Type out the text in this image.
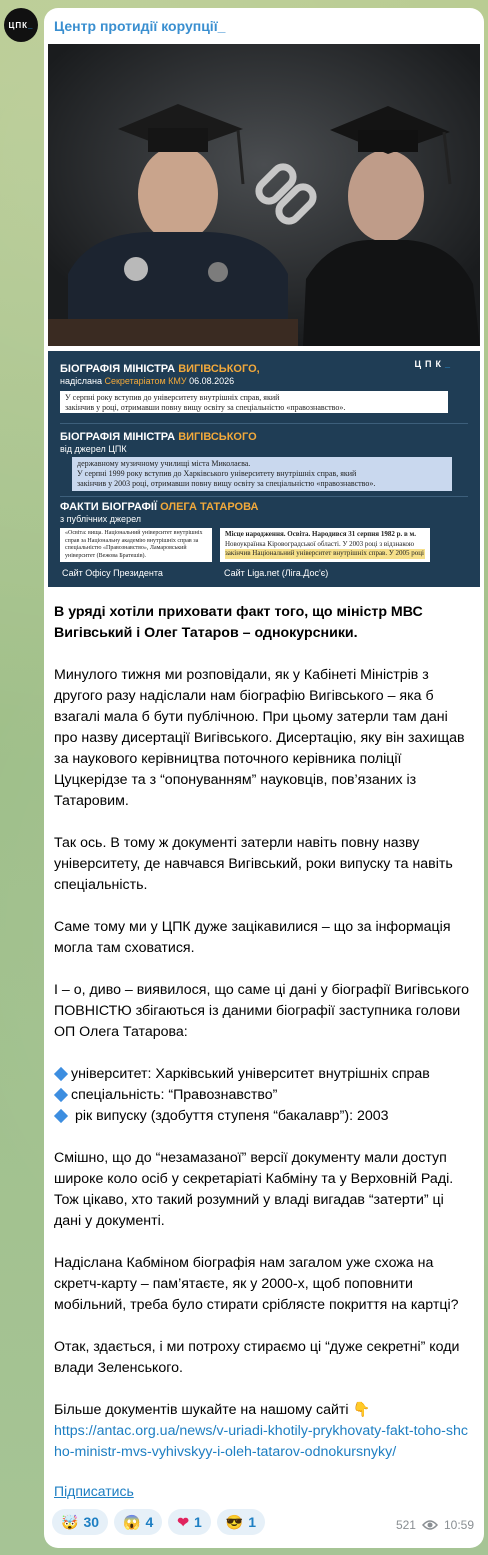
ЦПК _ Центр протидії корупції_
ЦПК_
БІОГРАФІЯ МІНІСТРА ВИГІВСЬКОГО,
надіслана Секретаріатом КМУ 06.08.2026
У серпні року вступив до університету внутрішніх справ, який
закінчив у році, отримавши повну вищу освіту за спеціальністю «правознавство».
БІОГРАФІЯ МІНІСТРА ВИГІВСЬКОГО
від джерел ЦПК
державному музичному училищі міста Миколаєва.
У серпні 1999 року вступив до Харківського університету внутрішніх справ, який
закінчив у 2003 році, отримавши повну вищу освіту за спеціальністю «правознавство».
ФАКТИ БІОГРАФІЇ ОЛЕГА ТАТАРОВА
з публічних джерел
«Освіта: вища. Національний університет внутрішніх справ за Національну академію внутрішніх справ за спеціальністю «Правознавство», Ламаровський університет (Вежова Братешів).
Місце народження. Освіта. Народився 31 серпня 1982 р. в м.
Новоукраїнка Кіровоградської області. У 2003 році з відзнакою
закінчив Національний університет внутрішніх справ. У 2005 році
Сайт Офісу Президента	Сайт Liga.net (Ліга.Дос'є)

В уряді хотіли приховати факт того, що міністр МВС Вигівський і Олег Татаров – однокурсники.

Минулого тижня ми розповідали, як у Кабінеті Міністрів з другого разу надіслали нам біографію Вигівського – яка б взагалі мала б бути публічною. При цьому затерли там дані про назву дисертації Вигівського. Дисертацію, яку він захищав за наукового керівництва поточного керівника поліції Цуцкерідзе та з “опонуванням” науковців, пов’язаних із Татаровим.

Так ось. В тому ж документі затерли навіть повну назву університету, де навчався Вигівський, роки випуску та навіть спеціальність.

Саме тому ми у ЦПК дуже зацікавилися – що за інформація могла там сховатися.

І – о, диво – виявилося, що саме ці дані у біографії Вигівського ПОВНІСТЮ збігаються із даними біографії заступника голови ОП Олега Татарова:

університет: Харківський університет внутрішніх справ
спеціальність: “Правознавство”
рік випуску (здобуття ступеня “бакалавр”): 2003

Смішно, що до “незамазаної” версії документу мали доступ широке коло осіб у секретаріаті Кабміну та у Верховній Раді. Тож цікаво, хто такий розумний у владі вигадав “затерти” ці дані у документі.

Надіслана Кабміном біографія нам загалом уже схожа на скретч-карту – пам’ятаєте, як у 2000-х, щоб поповнити мобільний, треба було стирати сріблясте покриття на картці?

Отак, здається, і ми потроху стираємо ці “дуже секретні” коди влади Зеленського.

Більше документів шукайте на нашому сайті 👇
https://antac.org.ua/news/v-uriadi-khotily-prykhovaty-fakt-toho-shcho-ministr-mvs-vyhivskyy-i-oleh-tatarov-odnokursnyky/

Підписатись
🤯 30 😱 4 ❤ 1 😎 1	521 10:59
